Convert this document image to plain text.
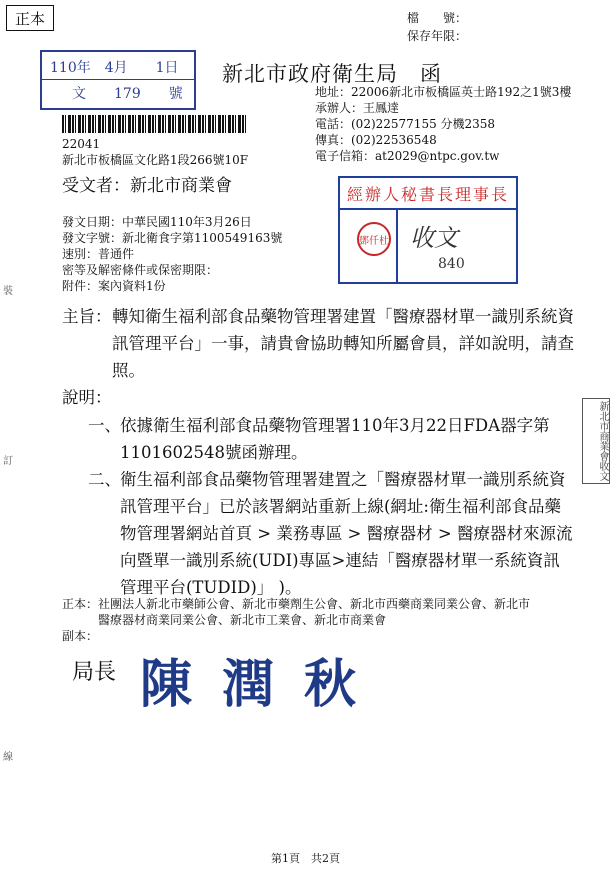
正本	檔　　號：
保存年限：
110年　4月　　1日
文　　179　　號
22041
新北市板橋區文化路1段266號10F
受文者：新北市商業會
新北市政府衛生局　函
地址：22006新北市板橋區英士路192之1號3樓
承辦人：王鳳達
電話：(02)22577155 分機2358
傳真：(02)22536548
電子信箱：at2029@ntpc.gov.tw
經辦人秘書長理事長
收文
840
鄧仟杜
發文日期：中華民國110年3月26日
發文字號：新北衛食字第1100549163號
速別：普通件
密等及解密條件或保密期限：
附件：案內資料1份
主旨： 轉知衛生福利部食品藥物管理署建置「醫療器材單一識別系統資訊管理平台」一事，請貴會協助轉知所屬會員，詳如說明，請查照。
說明：
一、 依據衛生福利部食品藥物管理署110年3月22日FDA器字第1101602548號函辦理。
二、 衛生福利部食品藥物管理署建置之「醫療器材單一識別系統資訊管理平台」已於該署網站重新上線(網址:衛生福利部食品藥物管理署網站首頁 > 業務專區 > 醫療器材 > 醫療器材來源流向暨單一識別系統(UDI)專區>連結「醫療器材單一系統資訊管理平台(TUDID)」 )。
正本： 社團法人新北市藥師公會、新北市藥劑生公會、新北市西藥商業同業公會、新北市醫療器材商業同業公會、新北市工業會、新北市商業會
副本：
局長 陳潤秋
新北市商業會收文
裝
訂
線
第1頁　共2頁
